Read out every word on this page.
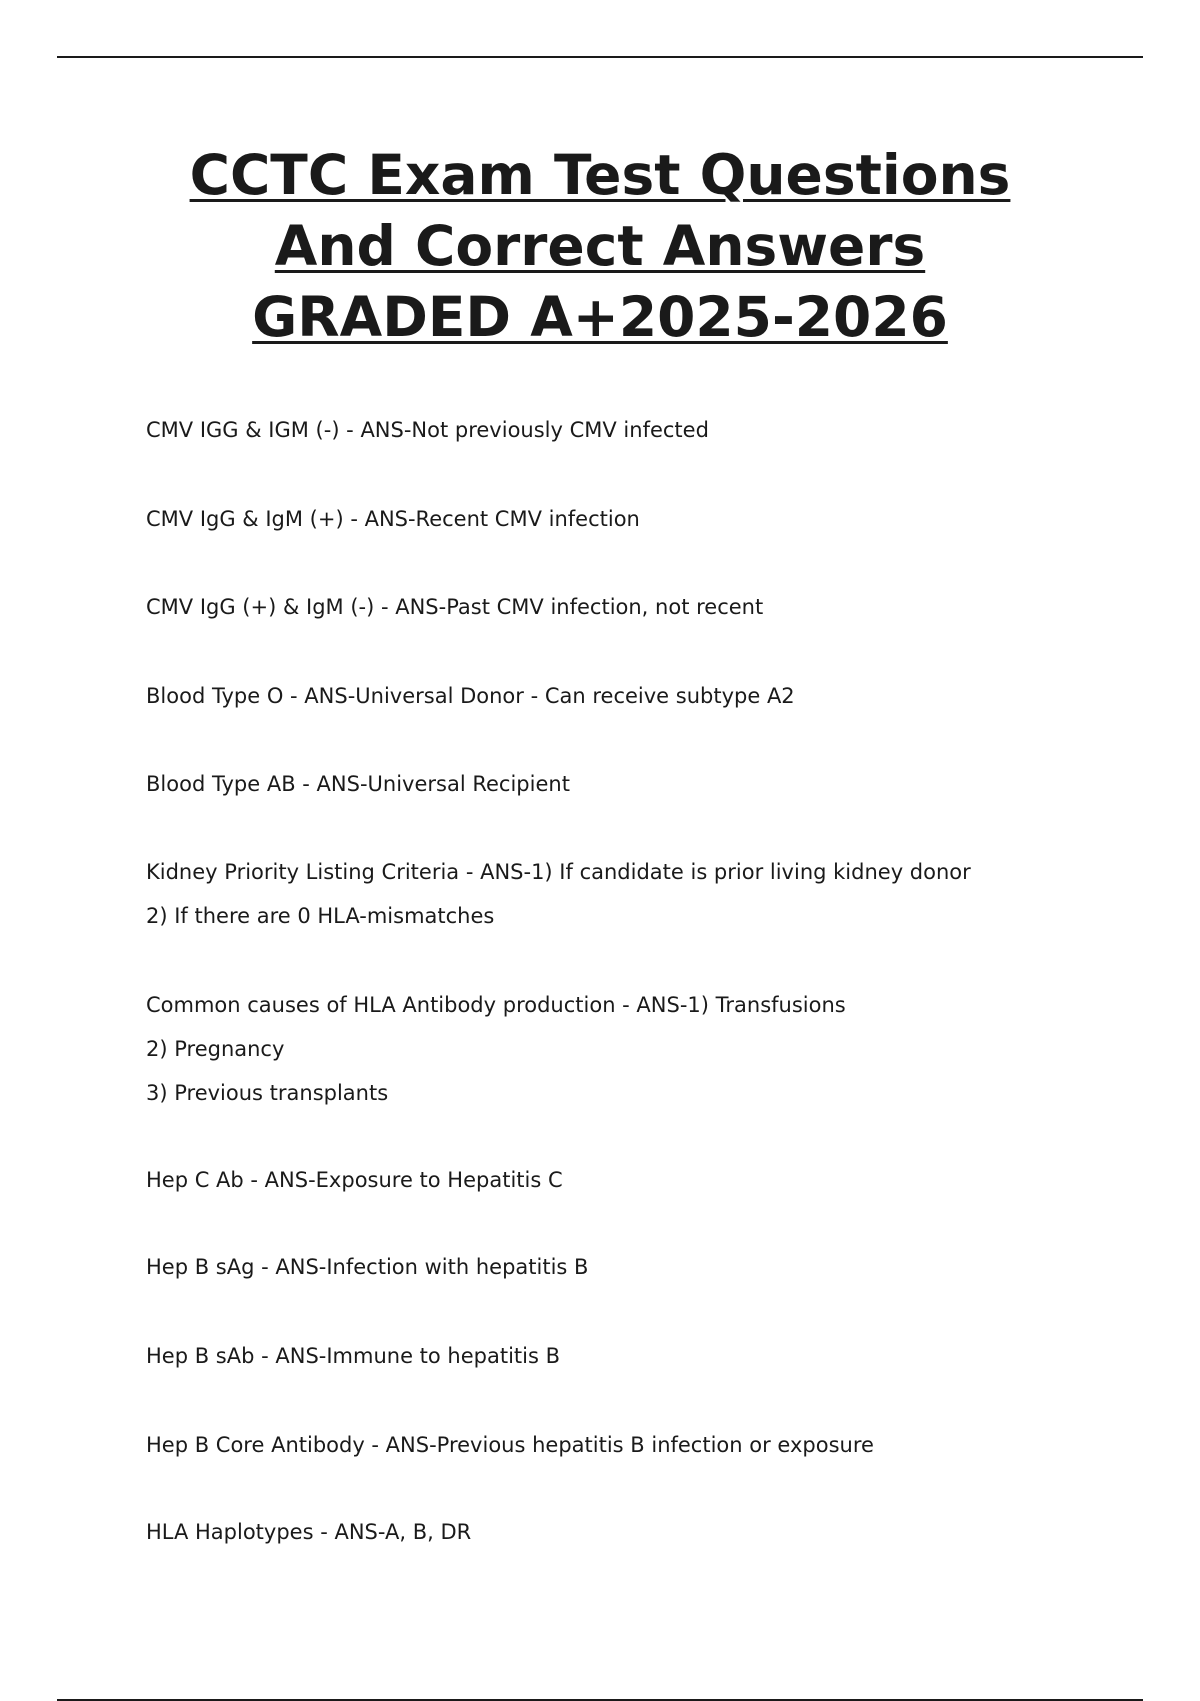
CCTC Exam Test Questions
And Correct Answers
GRADED A+2025-2026
CMV IGG & IGM (-) - ANS-Not previously CMV infected
CMV IgG & IgM (+) - ANS-Recent CMV infection
CMV IgG (+) & IgM (-) - ANS-Past CMV infection, not recent
Blood Type O - ANS-Universal Donor - Can receive subtype A2
Blood Type AB - ANS-Universal Recipient
Kidney Priority Listing Criteria - ANS-1) If candidate is prior living kidney donor
2) If there are 0 HLA-mismatches
Common causes of HLA Antibody production - ANS-1) Transfusions
2) Pregnancy
3) Previous transplants
Hep C Ab - ANS-Exposure to Hepatitis C
Hep B sAg - ANS-Infection with hepatitis B
Hep B sAb - ANS-Immune to hepatitis B
Hep B Core Antibody - ANS-Previous hepatitis B infection or exposure
HLA Haplotypes - ANS-A, B, DR
